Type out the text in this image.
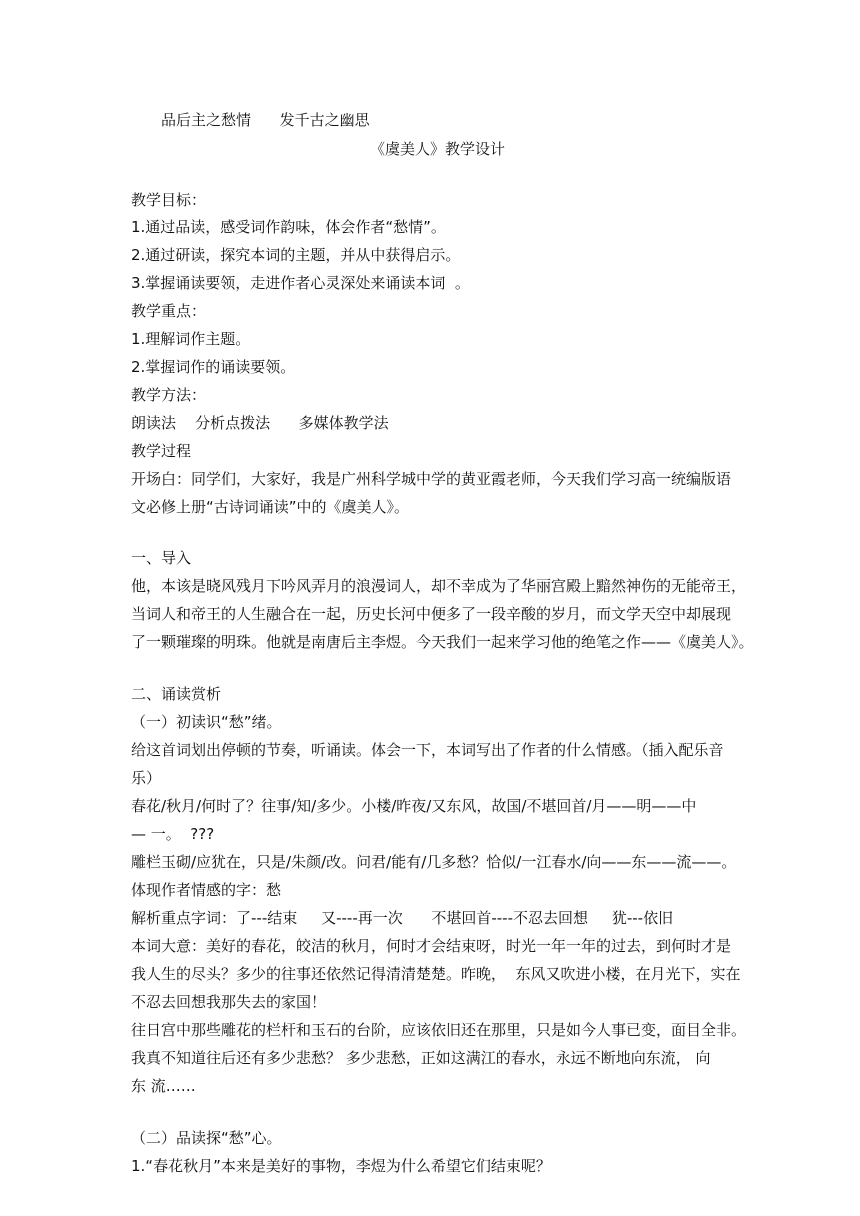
品后主之愁情      发千古之幽思
《虞美人》教学设计
教学目标：
1.通过品读，感受词作韵味，体会作者“愁情”。
2.通过研读，探究本词的主题，并从中获得启示。
3.掌握诵读要领，走进作者心灵深处来诵读本词  。
教学重点：
1.理解词作主题。
2.掌握词作的诵读要领。
教学方法：
朗读法    分析点拨法      多媒体教学法
教学过程
开场白：同学们，大家好，我是广州科学城中学的黄亚霞老师，今天我们学习高一统编版语
文必修上册“古诗词诵读”中的《虞美人》。
一、导入
他，本该是晓风残月下吟风弄月的浪漫词人，却不幸成为了华丽宫殿上黯然神伤的无能帝王，
当词人和帝王的人生融合在一起，历史长河中便多了一段辛酸的岁月，而文学天空中却展现
了一颗璀璨的明珠。他就是南唐后主李煜。今天我们一起来学习他的绝笔之作——《虞美人》。
二、诵读赏析
（一）初读识“愁”绪。
给这首词划出停顿的节奏，听诵读。体会一下，本词写出了作者的什么情感。（插入配乐音
乐）
春花/秋月/何时了？往事/知/多少。小楼/昨夜/又东风，故国/不堪回首/月——明——中
— 一。  ???
雕栏玉砌/应犹在，只是/朱颜/改。问君/能有/几多愁？恰似/一江春水/向——东——流——。
体现作者情感的字：愁
解析重点字词：了---结束     又----再一次      不堪回首----不忍去回想     犹---依旧
本词大意：美好的春花，皎洁的秋月，何时才会结束呀，时光一年一年的过去，到何时才是
我人生的尽头？多少的往事还依然记得清清楚楚。昨晚，  东风又吹进小楼，在月光下，实在
不忍去回想我那失去的家国！
往日宫中那些雕花的栏杆和玉石的台阶，应该依旧还在那里，只是如今人事已变，面目全非。
我真不知道往后还有多少悲愁？ 多少悲愁，正如这满江的春水，永远不断地向东流， 向
东 流……
（二）品读探“愁”心。
1.“春花秋月”本来是美好的事物，李煜为什么希望它们结束呢？
